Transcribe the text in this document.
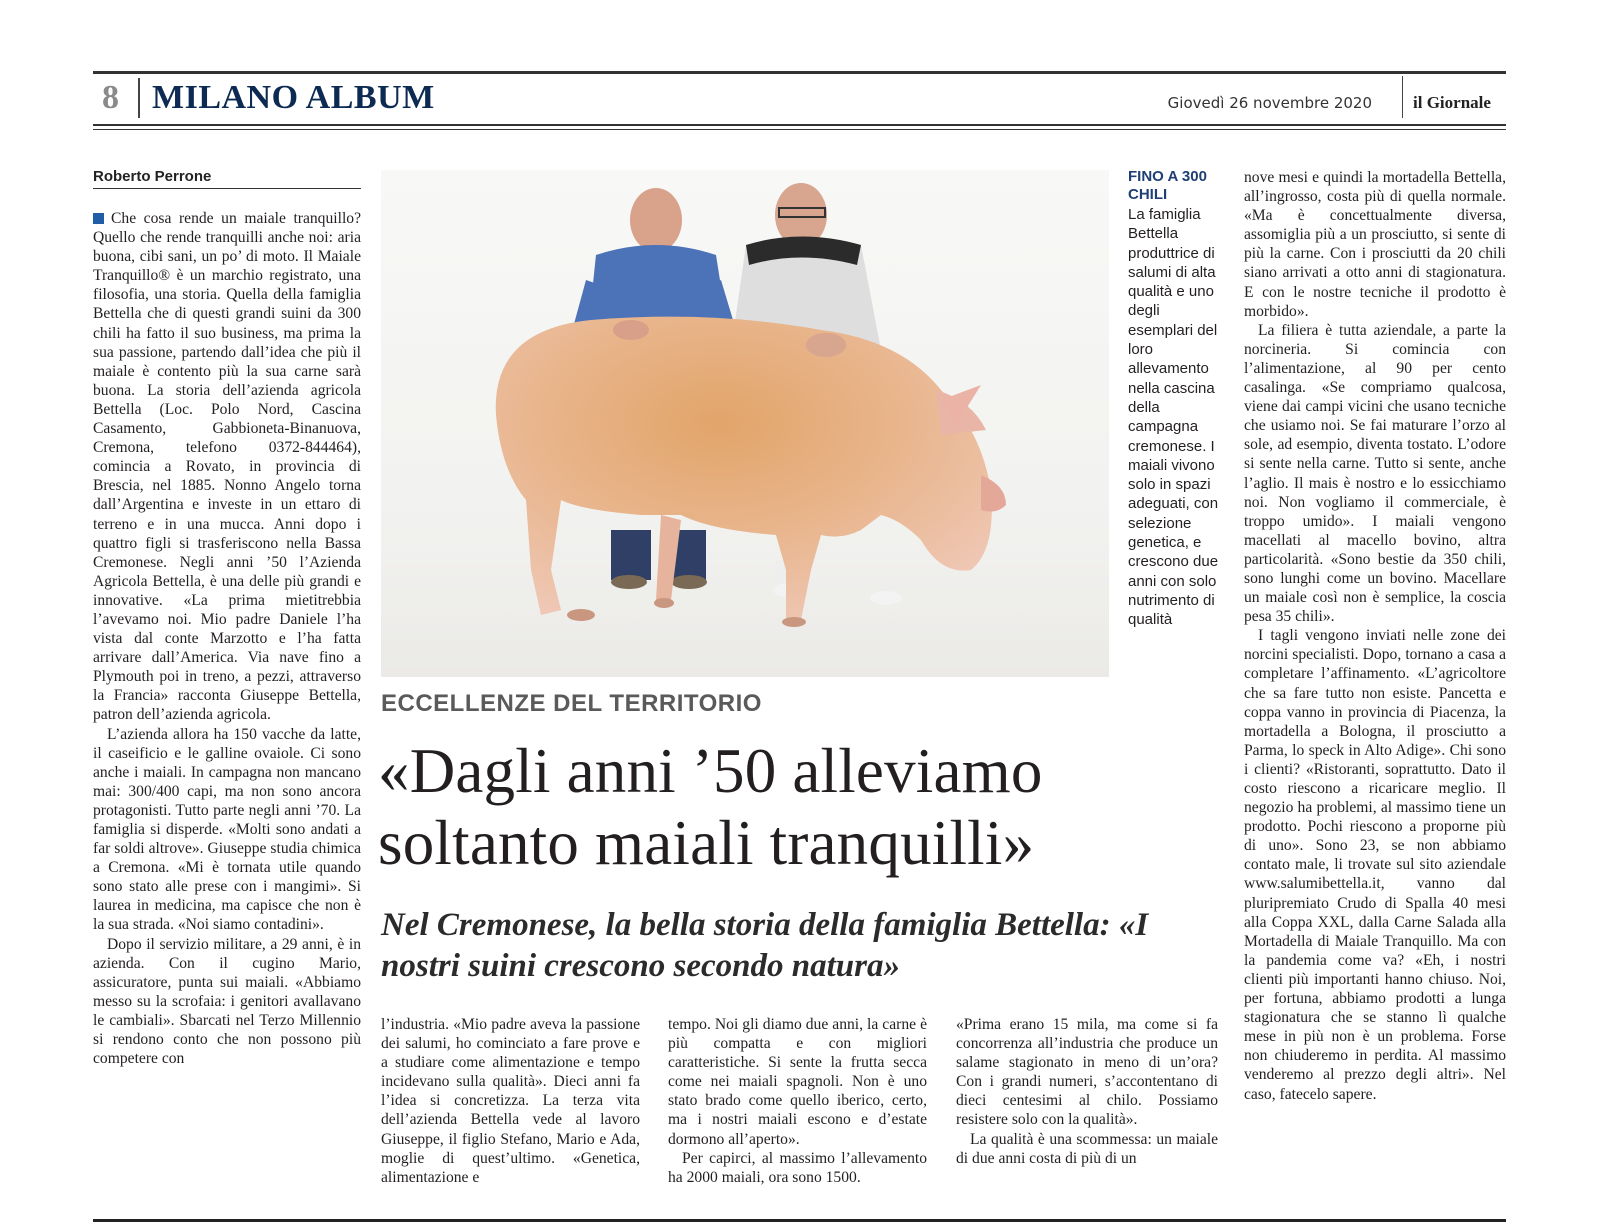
8 MILANO ALBUM	Giovedì 26 novembre 2020 il Giornale
Roberto Perrone

Che cosa rende un maiale tranquillo? Quello che rende tranquilli anche noi: aria buona, cibi sani, un po’ di moto. Il Maiale Tranquillo® è un marchio registrato, una filosofia, una storia. Quella della famiglia Bettella che di questi grandi suini da 300 chili ha fatto il suo business, ma prima la sua passione, partendo dall’idea che più il maiale è contento più la sua carne sarà buona. La storia dell’azienda agricola Bettella (Loc. Polo Nord, Cascina Casamento, Gabbioneta-Binanuova, Cremona, telefono 0372-844464), comincia a Rovato, in provincia di Brescia, nel 1885. Nonno Angelo torna dall’Argentina e investe in un ettaro di terreno e in una mucca. Anni dopo i quattro figli si trasferiscono nella Bassa Cremonese. Negli anni ’50 l’Azienda Agricola Bettella, è una delle più grandi e innovative. «La prima mietitrebbia l’avevamo noi. Mio padre Daniele l’ha vista dal conte Marzotto e l’ha fatta arrivare dall’America. Via nave fino a Plymouth poi in treno, a pezzi, attraverso la Francia» racconta Giuseppe Bettella, patron dell’azienda agricola.

L’azienda allora ha 150 vacche da latte, il caseificio e le galline ovaiole. Ci sono anche i maiali. In campagna non mancano mai: 300/400 capi, ma non sono ancora protagonisti. Tutto parte negli anni ’70. La famiglia si disperde. «Molti sono andati a far soldi altrove». Giuseppe studia chimica a Cremona. «Mi è tornata utile quando sono stato alle prese con i mangimi». Si laurea in medicina, ma capisce che non è la sua strada. «Noi siamo contadini».

Dopo il servizio militare, a 29 anni, è in azienda. Con il cugino Mario, assicuratore, punta sui maiali. «Abbiamo messo su la scrofaia: i genitori avallavano le cambiali». Sbarcati nel Terzo Millennio si rendono conto che non possono più competere con

FINO A 300 CHILI
La famiglia Bettella produttrice di salumi di alta qualità e uno degli esemplari del loro allevamento nella cascina della campagna cremonese. I maiali vivono solo in spazi adeguati, con selezione genetica, e crescono due anni con solo nutrimento di qualità
ECCELLENZE DEL TERRITORIO
«Dagli anni ’50 alleviamo soltanto maiali tranquilli»
Nel Cremonese, la bella storia della famiglia Bettella: «I nostri suini crescono secondo natura»

l’industria. «Mio padre aveva la passione dei salumi, ho cominciato a fare prove e a studiare come alimentazione e tempo incidevano sulla qualità». Dieci anni fa l’idea si concretizza. La terza vita dell’azienda Bettella vede al lavoro Giuseppe, il figlio Stefano, Mario e Ada, moglie di quest’ultimo. «Genetica, alimentazione e

tempo. Noi gli diamo due anni, la carne è più compatta e con migliori caratteristiche. Si sente la frutta secca come nei maiali spagnoli. Non è uno stato brado come quello iberico, certo, ma i nostri maiali escono e d’estate dormono all’aperto».

Per capirci, al massimo l’allevamento ha 2000 maiali, ora sono 1500.

«Prima erano 15 mila, ma come si fa concorrenza all’industria che produce un salame stagionato in meno di un’ora? Con i grandi numeri, s’accontentano di dieci centesimi al chilo. Possiamo resistere solo con la qualità».

La qualità è una scommessa: un maiale di due anni costa di più di un

nove mesi e quindi la mortadella Bettella, all’ingrosso, costa più di quella normale. «Ma è concettualmente diversa, assomiglia più a un prosciutto, si sente di più la carne. Con i prosciutti da 20 chili siano arrivati a otto anni di stagionatura. E con le nostre tecniche il prodotto è morbido».

La filiera è tutta aziendale, a parte la norcineria. Si comincia con l’alimentazione, al 90 per cento casalinga. «Se compriamo qualcosa, viene dai campi vicini che usano tecniche che usiamo noi. Se fai maturare l’orzo al sole, ad esempio, diventa tostato. L’odore si sente nella carne. Tutto si sente, anche l’aglio. Il mais è nostro e lo essicchiamo noi. Non vogliamo il commerciale, è troppo umido». I maiali vengono macellati al macello bovino, altra particolarità. «Sono bestie da 350 chili, sono lunghi come un bovino. Macellare un maiale così non è semplice, la coscia pesa 35 chili».

I tagli vengono inviati nelle zone dei norcini specialisti. Dopo, tornano a casa a completare l’affinamento. «L’agricoltore che sa fare tutto non esiste. Pancetta e coppa vanno in provincia di Piacenza, la mortadella a Bologna, il prosciutto a Parma, lo speck in Alto Adige». Chi sono i clienti? «Ristoranti, soprattutto. Dato il costo riescono a ricaricare meglio. Il negozio ha problemi, al massimo tiene un prodotto. Pochi riescono a proporne più di uno». Sono 23, se non abbiamo contato male, li trovate sul sito aziendale www.salumibettella.it, vanno dal pluripremiato Crudo di Spalla 40 mesi alla Coppa XXL, dalla Carne Salada alla Mortadella di Maiale Tranquillo. Ma con la pandemia come va? «Eh, i nostri clienti più importanti hanno chiuso. Noi, per fortuna, abbiamo prodotti a lunga stagionatura che se stanno lì qualche mese in più non è un problema. Forse non chiuderemo in perdita. Al massimo venderemo al prezzo degli altri». Nel caso, fatecelo sapere.
